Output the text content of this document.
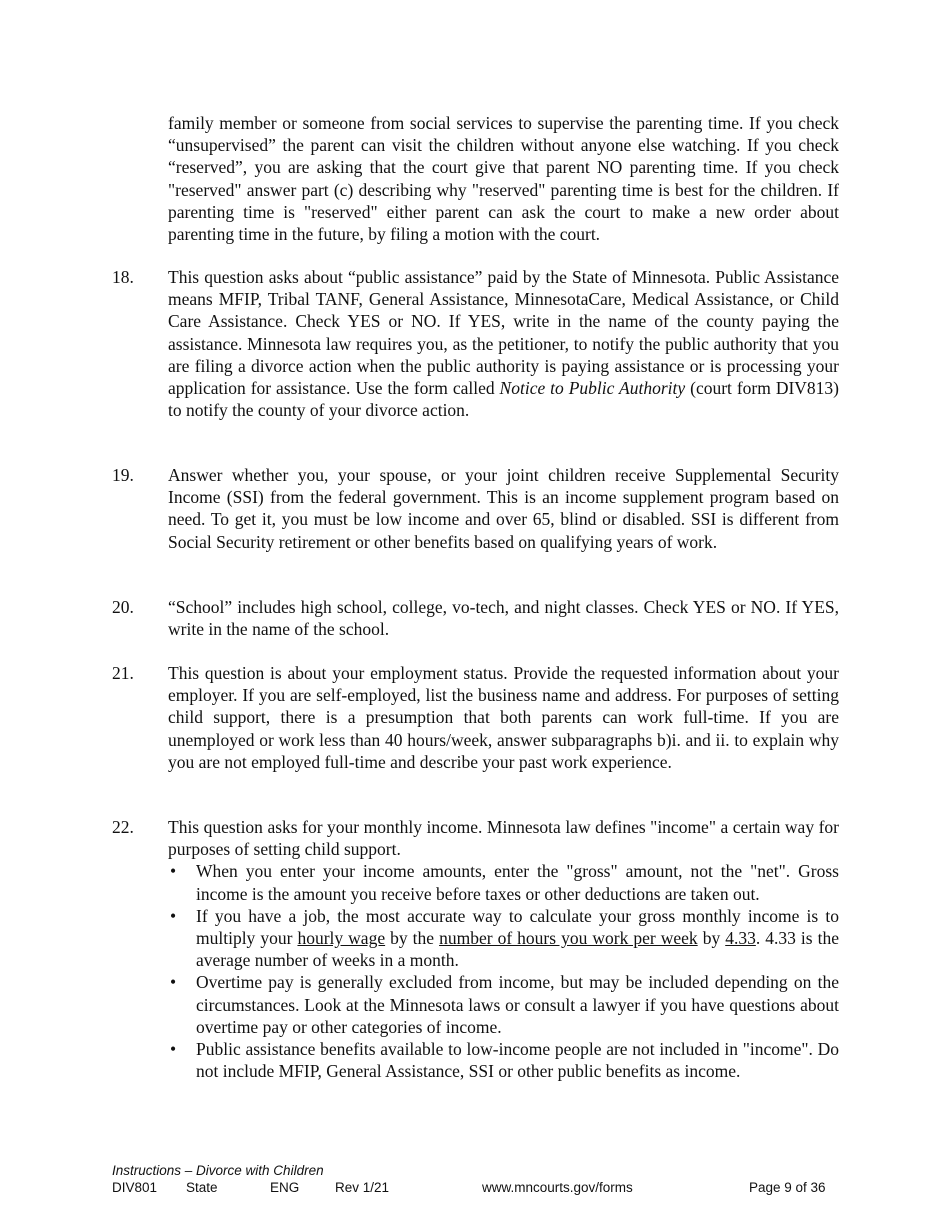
family member or someone from social services to supervise the parenting time. If you check “unsupervised” the parent can visit the children without anyone else watching. If you check “reserved”, you are asking that the court give that parent NO parenting time. If you check "reserved" answer part (c) describing why "reserved" parenting time is best for the children. If parenting time is "reserved" either parent can ask the court to make a new order about parenting time in the future, by filing a motion with the court.
18. This question asks about “public assistance” paid by the State of Minnesota. Public Assistance means MFIP, Tribal TANF, General Assistance, MinnesotaCare, Medical Assistance, or Child Care Assistance. Check YES or NO. If YES, write in the name of the county paying the assistance. Minnesota law requires you, as the petitioner, to notify the public authority that you are filing a divorce action when the public authority is paying assistance or is processing your application for assistance. Use the form called Notice to Public Authority (court form DIV813) to notify the county of your divorce action.
19. Answer whether you, your spouse, or your joint children receive Supplemental Security Income (SSI) from the federal government. This is an income supplement program based on need. To get it, you must be low income and over 65, blind or disabled. SSI is different from Social Security retirement or other benefits based on qualifying years of work.
20. “School” includes high school, college, vo-tech, and night classes. Check YES or NO. If YES, write in the name of the school.
21. This question is about your employment status. Provide the requested information about your employer. If you are self-employed, list the business name and address. For purposes of setting child support, there is a presumption that both parents can work full-time. If you are unemployed or work less than 40 hours/week, answer subparagraphs b)i. and ii. to explain why you are not employed full-time and describe your past work experience.
22. This question asks for your monthly income. Minnesota law defines "income" a certain way for purposes of setting child support.
• When you enter your income amounts, enter the "gross" amount, not the "net". Gross income is the amount you receive before taxes or other deductions are taken out.
• If you have a job, the most accurate way to calculate your gross monthly income is to multiply your hourly wage by the number of hours you work per week by 4.33. 4.33 is the average number of weeks in a month.
• Overtime pay is generally excluded from income, but may be included depending on the circumstances. Look at the Minnesota laws or consult a lawyer if you have questions about overtime pay or other categories of income.
• Public assistance benefits available to low-income people are not included in "income". Do not include MFIP, General Assistance, SSI or other public benefits as income.
Instructions – Divorce with Children
DIV801 State	ENG	Rev 1/21	www.mncourts.gov/forms	Page 9 of 36
